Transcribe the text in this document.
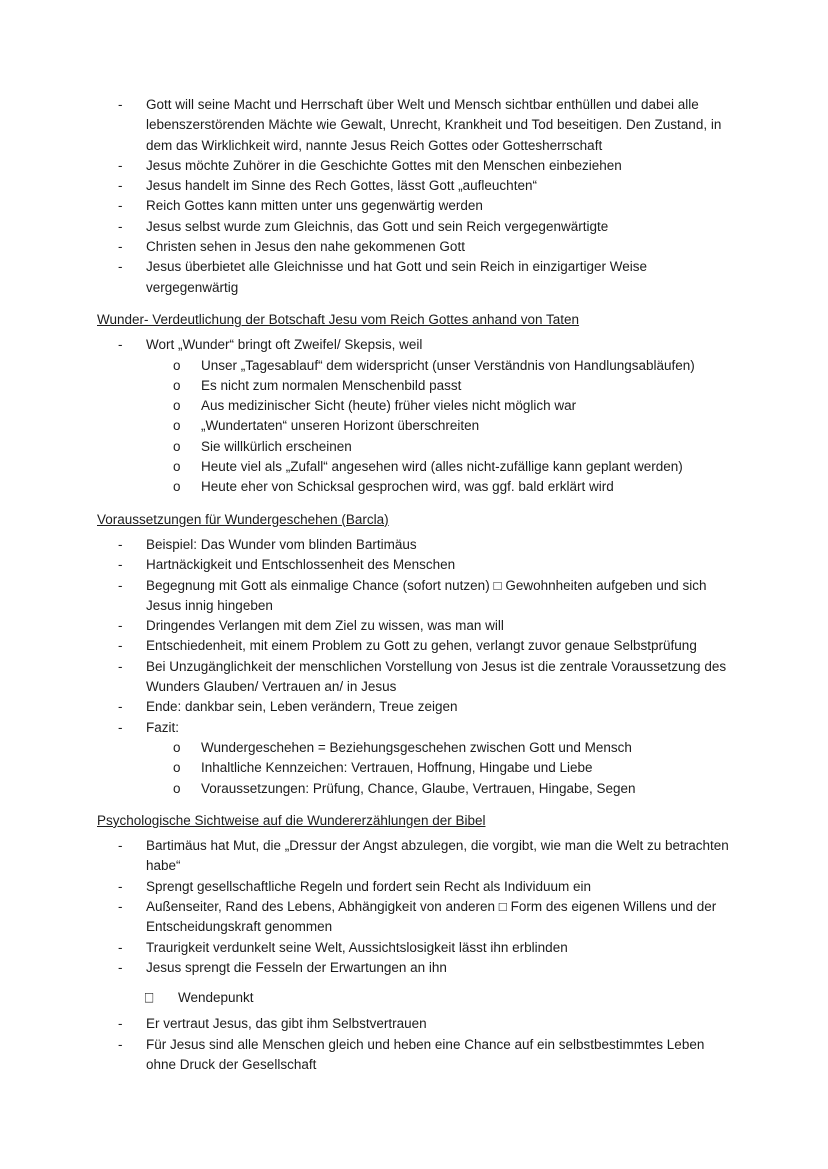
- Gott will seine Macht und Herrschaft über Welt und Mensch sichtbar enthüllen und dabei alle lebenszerstörenden Mächte wie Gewalt, Unrecht, Krankheit und Tod beseitigen. Den Zustand, in dem das Wirklichkeit wird, nannte Jesus Reich Gottes oder Gottesherrschaft
- Jesus möchte Zuhörer in die Geschichte Gottes mit den Menschen einbeziehen
- Jesus handelt im Sinne des Rech Gottes, lässt Gott „aufleuchten“
- Reich Gottes kann mitten unter uns gegenwärtig werden
- Jesus selbst wurde zum Gleichnis, das Gott und sein Reich vergegenwärtigte
- Christen sehen in Jesus den nahe gekommenen Gott
- Jesus überbietet alle Gleichnisse und hat Gott und sein Reich in einzigartiger Weise vergegenwärtig
Wunder- Verdeutlichung der Botschaft Jesu vom Reich Gottes anhand von Taten
- Wort „Wunder“ bringt oft Zweifel/ Skepsis, weil
o Unser „Tagesablauf“ dem widerspricht (unser Verständnis von Handlungsabläufen)
o Es nicht zum normalen Menschenbild passt
o Aus medizinischer Sicht (heute) früher vieles nicht möglich war
o „Wundertaten“ unseren Horizont überschreiten
o Sie willkürlich erscheinen
o Heute viel als „Zufall“ angesehen wird (alles nicht-zufällige kann geplant werden)
o Heute eher von Schicksal gesprochen wird, was ggf. bald erklärt wird
Voraussetzungen für Wundergeschehen (Barcla)
- Beispiel: Das Wunder vom blinden Bartimäus
- Hartnäckigkeit und Entschlossenheit des Menschen
- Begegnung mit Gott als einmalige Chance (sofort nutzen) □ Gewohnheiten aufgeben und sich Jesus innig hingeben
- Dringendes Verlangen mit dem Ziel zu wissen, was man will
- Entschiedenheit, mit einem Problem zu Gott zu gehen, verlangt zuvor genaue Selbstprüfung
- Bei Unzugänglichkeit der menschlichen Vorstellung von Jesus ist die zentrale Voraussetzung des Wunders Glauben/ Vertrauen an/ in Jesus
- Ende: dankbar sein, Leben verändern, Treue zeigen
- Fazit:
o Wundergeschehen = Beziehungsgeschehen zwischen Gott und Mensch
o Inhaltliche Kennzeichen: Vertrauen, Hoffnung, Hingabe und Liebe
o Voraussetzungen: Prüfung, Chance, Glaube, Vertrauen, Hingabe, Segen
Psychologische Sichtweise auf die Wundererzählungen der Bibel
- Bartimäus hat Mut, die „Dressur der Angst abzulegen, die vorgibt, wie man die Welt zu betrachten habe“
- Sprengt gesellschaftliche Regeln und fordert sein Recht als Individuum ein
- Außenseiter, Rand des Lebens, Abhängigkeit von anderen □ Form des eigenen Willens und der Entscheidungskraft genommen
- Traurigkeit verdunkelt seine Welt, Aussichtslosigkeit lässt ihn erblinden
- Jesus sprengt die Fesseln der Erwartungen an ihn
□ Wendepunkt
- Er vertraut Jesus, das gibt ihm Selbstvertrauen
- Für Jesus sind alle Menschen gleich und heben eine Chance auf ein selbstbestimmtes Leben ohne Druck der Gesellschaft
